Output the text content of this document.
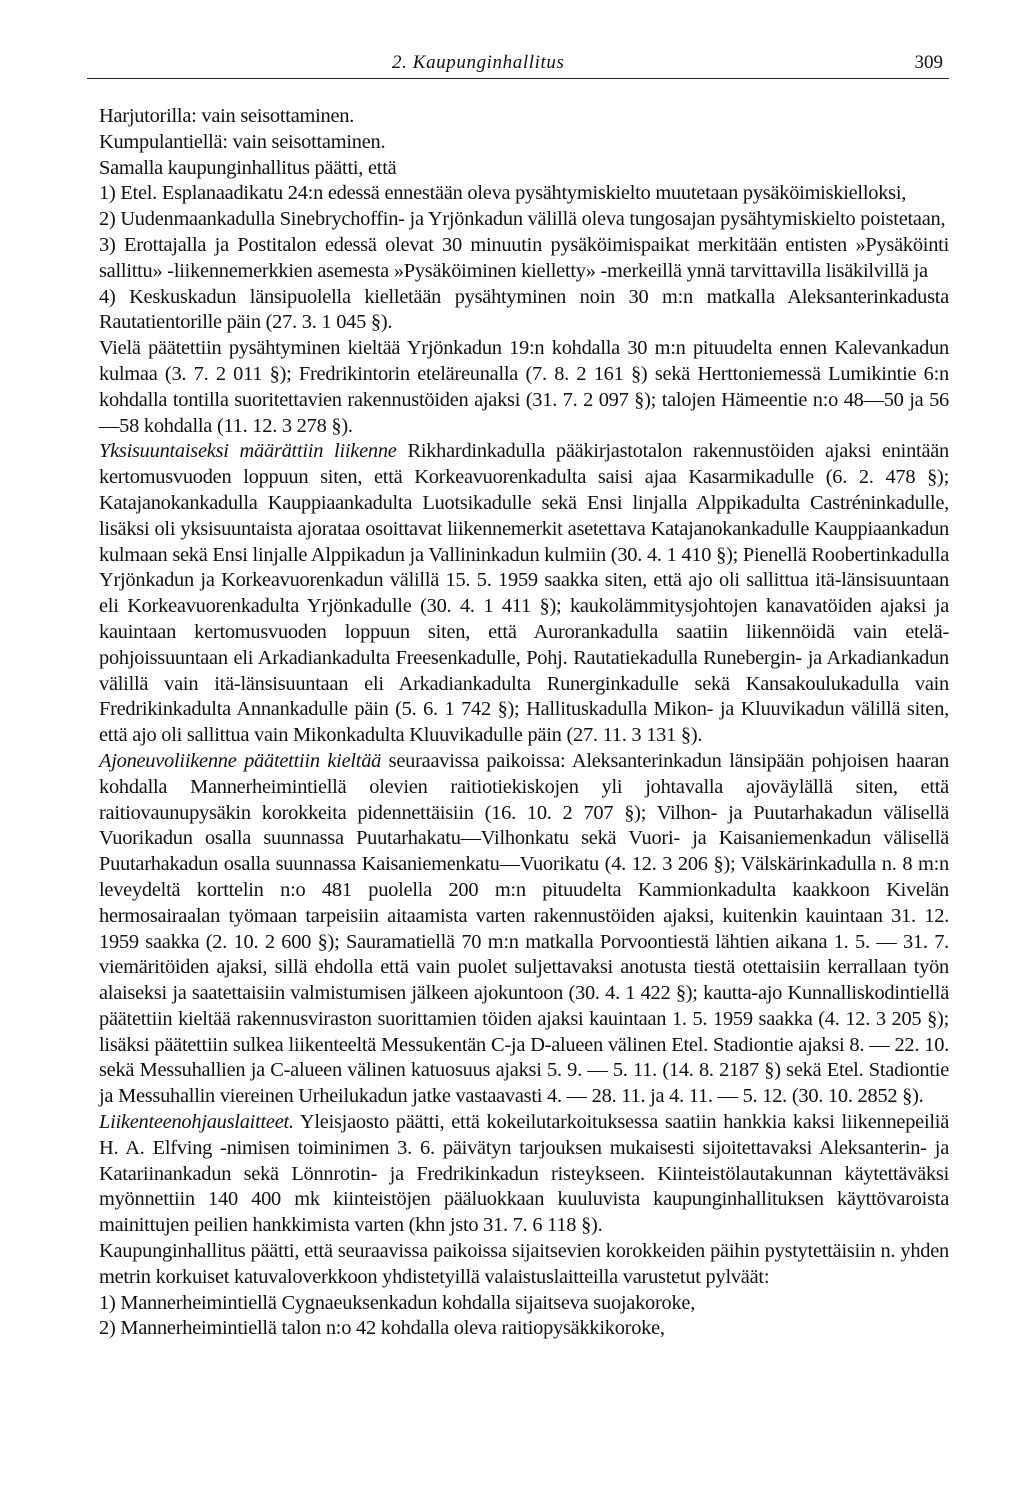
2. Kaupunginhallitus	309

Harjutorilla: vain seisottaminen.

Kumpulantiellä: vain seisottaminen.

Samalla kaupunginhallitus päätti, että

1) Etel. Esplanaadikatu 24:n edessä ennestään oleva pysähtymiskielto muutetaan pysäköimiskielloksi,

2) Uudenmaankadulla Sinebrychoffin- ja Yrjönkadun välillä oleva tungosajan pysähtymiskielto poistetaan,

3) Erottajalla ja Postitalon edessä olevat 30 minuutin pysäköimispaikat merkitään entisten »Pysäköinti sallittu» -liikennemerkkien asemesta »Pysäköiminen kielletty» -merkeillä ynnä tarvittavilla lisäkilvillä ja

4) Keskuskadun länsipuolella kielletään pysähtyminen noin 30 m:n matkalla Aleksanterinkadusta Rautatientorille päin (27. 3. 1 045 §).

Vielä päätettiin pysähtyminen kieltää Yrjönkadun 19:n kohdalla 30 m:n pituudelta ennen Kalevankadun kulmaa (3. 7. 2 011 §); Fredrikintorin eteläreunalla (7. 8. 2 161 §) sekä Herttoniemessä Lumikintie 6:n kohdalla tontilla suoritettavien rakennustöiden ajaksi (31. 7. 2 097 §); talojen Hämeentie n:o 48—50 ja 56—58 kohdalla (11. 12. 3 278 §).

Yksisuuntaiseksi määrättiin liikenne Rikhardinkadulla pääkirjastotalon rakennustöiden ajaksi enintään kertomusvuoden loppuun siten, että Korkeavuorenkadulta saisi ajaa Kasarmikadulle (6. 2. 478 §); Katajanokankadulla Kauppiaankadulta Luotsikadulle sekä Ensi linjalla Alppikadulta Castréninkadulle, lisäksi oli yksisuuntaista ajorataa osoittavat liikennemerkit asetettava Katajanokankadulle Kauppiaankadun kulmaan sekä Ensi linjalle Alppikadun ja Vallininkadun kulmiin (30. 4. 1 410 §); Pienellä Roobertinkadulla Yrjönkadun ja Korkeavuorenkadun välillä 15. 5. 1959 saakka siten, että ajo oli sallittua itä-länsisuuntaan eli Korkeavuorenkadulta Yrjönkadulle (30. 4. 1 411 §); kaukolämmitysjohtojen kanavatöiden ajaksi ja kauintaan kertomusvuoden loppuun siten, että Aurorankadulla saatiin liikennöidä vain etelä-pohjoissuuntaan eli Arkadiankadulta Freesenkadulle, Pohj. Rautatiekadulla Runebergin- ja Arkadiankadun välillä vain itä-länsisuuntaan eli Arkadiankadulta Runerginkadulle sekä Kansakoulukadulla vain Fredrikinkadulta Annankadulle päin (5. 6. 1 742 §); Hallituskadulla Mikon- ja Kluuvikadun välillä siten, että ajo oli sallittua vain Mikonkadulta Kluuvikadulle päin (27. 11. 3 131 §).

Ajoneuvoliikenne päätettiin kieltää seuraavissa paikoissa: Aleksanterinkadun länsipään pohjoisen haaran kohdalla Mannerheimintiellä olevien raitiotiekiskojen yli johtavalla ajoväylällä siten, että raitiovaunupysäkin korokkeita pidennettäisiin (16. 10. 2 707 §); Vilhon- ja Puutarhakadun välisellä Vuorikadun osalla suunnassa Puutarhakatu—Vilhonkatu sekä Vuori- ja Kaisaniemenkadun välisellä Puutarhakadun osalla suunnassa Kaisaniemenkatu—Vuorikatu (4. 12. 3 206 §); Välskärinkadulla n. 8 m:n leveydeltä korttelin n:o 481 puolella 200 m:n pituudelta Kammionkadulta kaakkoon Kivelän hermosairaalan työmaan tarpeisiin aitaamista varten rakennustöiden ajaksi, kuitenkin kauintaan 31. 12. 1959 saakka (2. 10. 2 600 §); Sauramatiellä 70 m:n matkalla Porvoontiestä lähtien aikana 1. 5. — 31. 7. viemäritöiden ajaksi, sillä ehdolla että vain puolet suljettavaksi anotusta tiestä otettaisiin kerrallaan työn alaiseksi ja saatettaisiin valmistumisen jälkeen ajokuntoon (30. 4. 1 422 §); kautta-ajo Kunnalliskodintiellä päätettiin kieltää rakennusviraston suorittamien töiden ajaksi kauintaan 1. 5. 1959 saakka (4. 12. 3 205 §); lisäksi päätettiin sulkea liikenteeltä Messukentän C-ja D-alueen välinen Etel. Stadiontie ajaksi 8. — 22. 10. sekä Messuhallien ja C-alueen välinen katuosuus ajaksi 5. 9. — 5. 11. (14. 8. 2187 §) sekä Etel. Stadiontie ja Messuhallin viereinen Urheilukadun jatke vastaavasti 4. — 28. 11. ja 4. 11. — 5. 12. (30. 10. 2852 §).

Liikenteenohjauslaitteet. Yleisjaosto päätti, että kokeilutarkoituksessa saatiin hankkia kaksi liikennepeiliä H. A. Elfving -nimisen toiminimen 3. 6. päivätyn tarjouksen mukaisesti sijoitettavaksi Aleksanterin- ja Katariinankadun sekä Lönnrotin- ja Fredrikinkadun risteykseen. Kiinteistölautakunnan käytettäväksi myönnettiin 140 400 mk kiinteistöjen pääluokkaan kuuluvista kaupunginhallituksen käyttövaroista mainittujen peilien hankkimista varten (khn jsto 31. 7. 6 118 §).

Kaupunginhallitus päätti, että seuraavissa paikoissa sijaitsevien korokkeiden päihin pystytettäisiin n. yhden metrin korkuiset katuvaloverkkoon yhdistetyillä valaistuslaitteilla varustetut pylväät:

1) Mannerheimintiellä Cygnaeuksenkadun kohdalla sijaitseva suojakoroke,

2) Mannerheimintiellä talon n:o 42 kohdalla oleva raitiopysäkkikoroke,
